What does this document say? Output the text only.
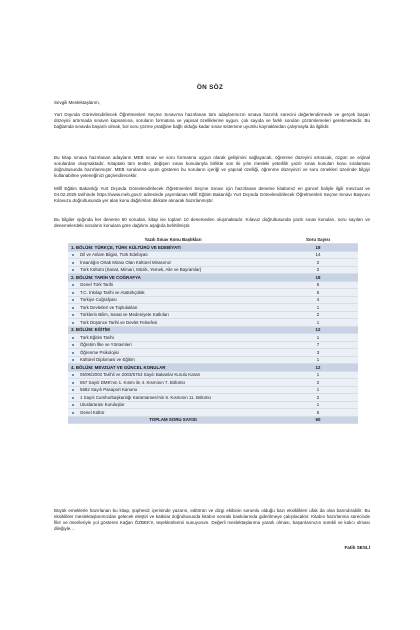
ÖN SÖZ
Sevgili Meslektaşlarım,
Yurt Dışında Görevlendirilecek Öğretmenleri Seçme Sınavı'na hazırlanan tüm adaylarımızın sınava hazırlık sürecini değerlendirmede ve gerçek başarı düzeyini artırmada sınavın kapsamına, soruların formatına ve yapısal özelliklerine uygun, çok sayıda ve farklı soruları çözümlemeleri gerekmektedir. Bu bağlamda sınavda başarılı olmak, bol soru çözme pratiğine bağlı olduğu kadar sınav sistemine uyumlu kaynaklardan çalışmayla da ilgilidir.
Bu kitap sınava hazırlanan adayların MEB sınav ve soru formatına uygun olarak gelişimini sağlayacak, öğrenme düzeyini artıracak, özgün ve orijinal sorulardan oluşmaktadır. Kitaptaki tüm testler, değişen sınav konularıyla birlikte son iki yılın mesleki yeterlilik yazılı sınav konuları konu sıralaması doğrultusunda hazırlanmıştır. MEB sorularına uyum gösteren bu soruların içeriği ve yapısal özelliği, öğrenme düzeyinizi ve soru örnekleri üzerinde bilgiyi kullanabilme yeteneğinizi güçlendirecektir.
Millî Eğitim Bakanlığı Yurt Dışında Görevlendirilecek Öğretmenleri Seçme Sınavı için hazırlanan deneme kitabımız en güncel haliyle ilgili mevzuat ve 04.02.2025 tarihinde https://www.meb.gov.tr adresinde yayımlanan Millî Eğitim Bakanlığı Yurt Dışında Görevlendirilecek Öğretmenleri Seçme Sınavı Başvuru Kılavuzu doğrultusunda yer alan konu dağılımları dikkate alınarak hazırlanmıştır.
Bu bilgiler ışığında her deneme 60 sorudan, kitap ise toplam 10 denemeden oluşmaktadır. Kılavuz doğrultusunda yazılı sınav konuları, soru sayıları ve denemelerdeki soruların konulara göre dağılımı aşağıda belirtilmiştir.
Yazılı Sınav Konu Başlıkları	Soru Sayısı
1. BÖLÜM: TÜRKÇE, TÜRK KÜLTÜRÜ VE EDEBİYATI	18
Dil ve Anlam Bilgisi, Türk Edebiyatı	14
İnsanlığın Ortak Mirası Olan Kültürel Mirasımız	2
Türk Kültürü (Sanat, Mimari, Müzik, Yemek, Aile ve Bayramlar)	2
2. BÖLÜM: TARİH VE COĞRAFYA	18
Genel Türk Tarihi	5
T.C. İnkılap Tarihi ve Atatürkçülük	5
Türkiye Coğrafyası	4
Türk Devletleri ve Toplulukları	1
Türklerin Bilim, Sanat ve Medeniyete Katkıları	2
Türk Düşünce Tarihi ve Devlet Felsefesi	1
3. BÖLÜM: EĞİTİM	12
Türk Eğitim Tarihi	1
Öğretim İlke ve Yöntemleri	7
Öğrenme Psikolojisi	3
Kültürel Diplomasi ve Eğitim	1
4. BÖLÜM: MEVZUAT VE GÜNCEL KONULAR	12
05/06/2003 Tarihli ve 2003/5753 Sayılı Bakanlar Kurulu Kararı	1
657 Sayılı DMK'nın 1. Kısmı ile 4. Kısmının 7. Bölümü	2
5682 Sayılı Pasaport Kanunu	1
1 Sayılı Cumhurbaşkanlığı Kararnamesi'nin 6. Kısmının 11. Bölümü	2
Uluslararası Kuruluşlar	1
Genel Kültür	5
TOPLAM SORU SAYISI	60
Büyük emeklerle hazırlanan bu kitap, şüphesiz içerisinde yazarın, editörün ve dizgi ekibinin sorumlu olduğu bazı eksiklikleri ufak da olsa barındırabilir. Bu eksiklikler meslektaşlarımızdan gelecek eleştiri ve katkılar doğrultusunda kitabın sonraki baskılarında giderilmeye çalışılacaktır. Kitabın hazırlanma sürecinde fikir ve önerileriyle yol gösteren Kağan ÖZBEK'e, teşekkürlerimi sunuyorum. Değerli meslektaşlarıma yararlı olması, başarılarınızın sürekli ve kalıcı olması dileğiyle...
Fatih SESLİ
